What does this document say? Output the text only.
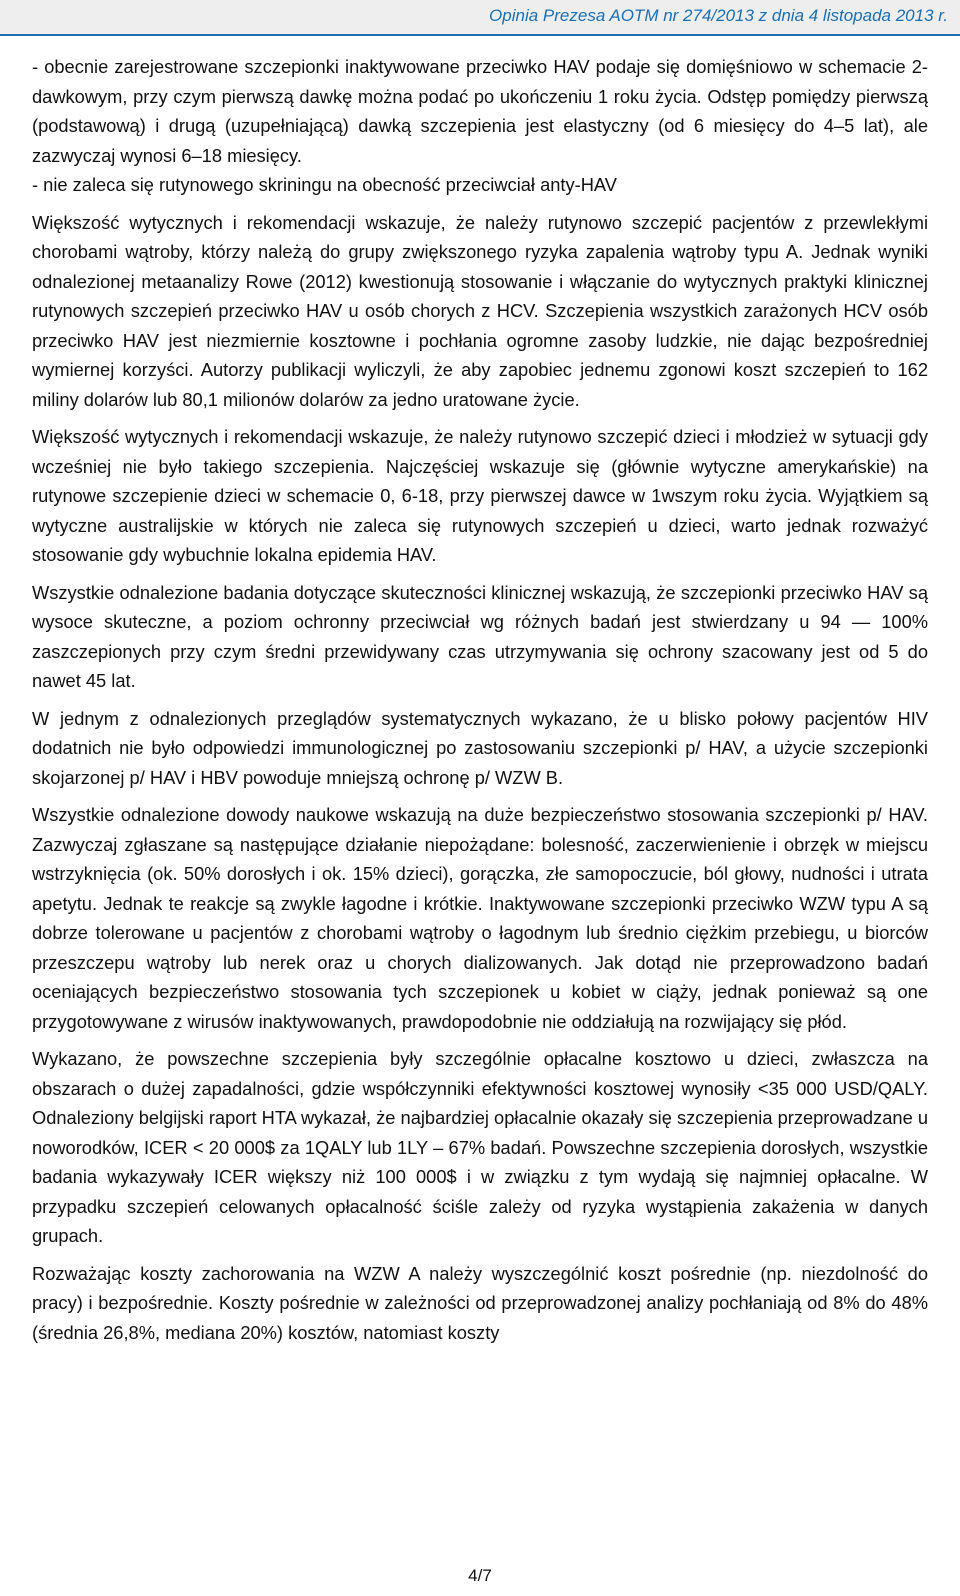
Opinia Prezesa AOTM nr 274/2013 z dnia 4 listopada 2013 r.

- obecnie zarejestrowane szczepionki inaktywowane przeciwko HAV podaje się domięśniowo w schemacie 2-dawkowym, przy czym pierwszą dawkę można podać po ukończeniu 1 roku życia. Odstęp pomiędzy pierwszą (podstawową) i drugą (uzupełniającą) dawką szczepienia jest elastyczny (od 6 miesięcy do 4–5 lat), ale zazwyczaj wynosi 6–18 miesięcy.

- nie zaleca się rutynowego skriningu na obecność przeciwciał anty-HAV

Większość wytycznych i rekomendacji wskazuje, że należy rutynowo szczepić pacjentów z przewlekłymi chorobami wątroby, którzy należą do grupy zwiększonego ryzyka zapalenia wątroby typu A. Jednak wyniki odnalezionej metaanalizy Rowe (2012) kwestionują stosowanie i włączanie do wytycznych praktyki klinicznej rutynowych szczepień przeciwko HAV u osób chorych z HCV. Szczepienia wszystkich zarażonych HCV osób przeciwko HAV jest niezmiernie kosztowne i pochłania ogromne zasoby ludzkie, nie dając bezpośredniej wymiernej korzyści. Autorzy publikacji wyliczyli, że aby zapobiec jednemu zgonowi koszt szczepień to 162 miliny dolarów lub 80,1 milionów dolarów za jedno uratowane życie.

Większość wytycznych i rekomendacji wskazuje, że należy rutynowo szczepić dzieci i młodzież w sytuacji gdy wcześniej nie było takiego szczepienia. Najczęściej wskazuje się (głównie wytyczne amerykańskie) na rutynowe szczepienie dzieci w schemacie 0, 6-18, przy pierwszej dawce w 1wszym roku życia. Wyjątkiem są wytyczne australijskie w których nie zaleca się rutynowych szczepień u dzieci, warto jednak rozważyć stosowanie gdy wybuchnie lokalna epidemia HAV.

Wszystkie odnalezione badania dotyczące skuteczności klinicznej wskazują, że szczepionki przeciwko HAV są wysoce skuteczne, a poziom ochronny przeciwciał wg różnych badań jest stwierdzany u 94 — 100% zaszczepionych przy czym średni przewidywany czas utrzymywania się ochrony szacowany jest od 5 do nawet 45 lat.

W jednym z odnalezionych przeglądów systematycznych wykazano, że u blisko połowy pacjentów HIV dodatnich nie było odpowiedzi immunologicznej po zastosowaniu szczepionki p/ HAV, a użycie szczepionki skojarzonej p/ HAV i HBV powoduje mniejszą ochronę p/ WZW B.

Wszystkie odnalezione dowody naukowe wskazują na duże bezpieczeństwo stosowania szczepionki p/ HAV. Zazwyczaj zgłaszane są następujące działanie niepożądane: bolesność, zaczerwienienie i obrzęk w miejscu wstrzyknięcia (ok. 50% dorosłych i ok. 15% dzieci), gorączka, złe samopoczucie, ból głowy, nudności i utrata apetytu. Jednak te reakcje są zwykle łagodne i krótkie. Inaktywowane szczepionki przeciwko WZW typu A są dobrze tolerowane u pacjentów z chorobami wątroby o łagodnym lub średnio ciężkim przebiegu, u biorców przeszczepu wątroby lub nerek oraz u chorych dializowanych. Jak dotąd nie przeprowadzono badań oceniających bezpieczeństwo stosowania tych szczepionek u kobiet w ciąży, jednak ponieważ są one przygotowywane z wirusów inaktywowanych, prawdopodobnie nie oddziałują na rozwijający się płód.

Wykazano, że powszechne szczepienia były szczególnie opłacalne kosztowo u dzieci, zwłaszcza na obszarach o dużej zapadalności, gdzie współczynniki efektywności kosztowej wynosiły <35 000 USD/QALY. Odnaleziony belgijski raport HTA wykazał, że najbardziej opłacalnie okazały się szczepienia przeprowadzane u noworodków, ICER < 20 000$ za 1QALY lub 1LY – 67% badań. Powszechne szczepienia dorosłych, wszystkie badania wykazywały ICER większy niż 100 000$ i w związku z tym wydają się najmniej opłacalne. W przypadku szczepień celowanych opłacalność ściśle zależy od ryzyka wystąpienia zakażenia w danych grupach.

Rozważając koszty zachorowania na WZW A należy wyszczególnić koszt pośrednie (np. niezdolność do pracy) i bezpośrednie. Koszty pośrednie w zależności od przeprowadzonej analizy pochłaniają od 8% do 48% (średnia 26,8%, mediana 20%) kosztów, natomiast koszty

4/7
